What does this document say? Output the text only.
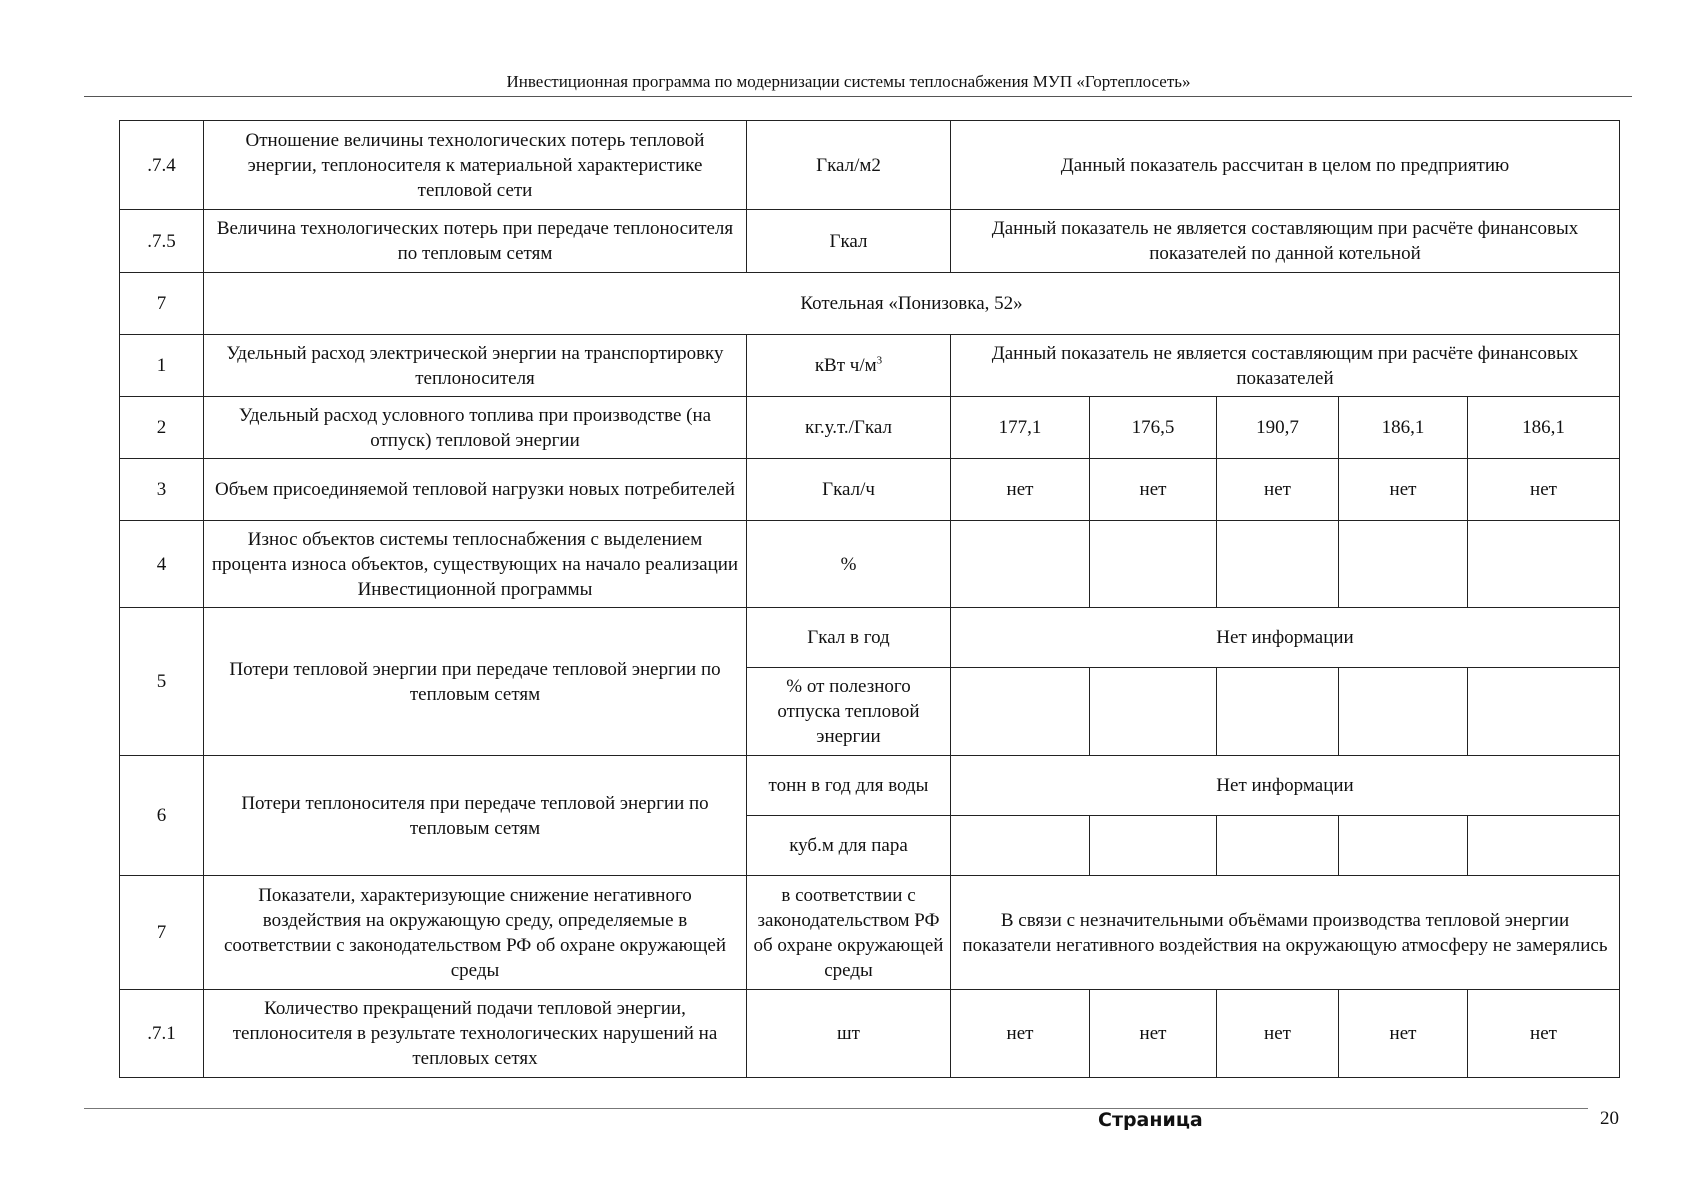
Инвестиционная программа по модернизации системы теплоснабжения МУП «Гортеплосеть»
.7.4	Отношение величины технологических потерь тепловой энергии, теплоносителя к материальной характеристике тепловой сети	Гкал/м2	Данный показатель рассчитан в целом по предприятию				
.7.5	Величина технологических потерь при передаче теплоносителя по тепловым сетям	Гкал	Данный показатель не является составляющим при расчёте финансовых показателей по данной котельной				
7	Котельная «Понизовка, 52»						
1	Удельный расход электрической энергии на транспортировку теплоносителя	кВт $ч/м^3$	Данный показатель не является составляющим при расчёте финансовых показателей				
2	Удельный расход условного топлива при производстве (на отпуск) тепловой энергии	кг.у.т./Гкал	177,1	176,5	190,7	186,1	186,1
3	Объем присоединяемой тепловой нагрузки новых потребителей	Гкал/ч	нет	нет	нет	нет	нет
4	Износ объектов системы теплоснабжения с выделением процента износа объектов, существующих на начало реализации Инвестиционной программы	%					
5	Потери тепловой энергии при передаче тепловой энергии по тепловым сетям	Гкал в год	Нет информации				
		% от полезного отпуска тепловой энергии					
6	Потери теплоносителя при передаче тепловой энергии по тепловым сетям	тонн в год для воды	Нет информации				
		куб.м для пара					
7	Показатели, характеризующие снижение негативного воздействия на окружающую среду, определяемые в соответствии с законодательством РФ об охране окружающей среды	в соответствии с законодательством РФ об охране окружающей среды	В связи с незначительными объёмами производства тепловой энергии показатели негативного воздействия на окружающую атмосферу не замерялись				
.7.1	Количество прекращений подачи тепловой энергии, теплоносителя в результате технологических нарушений на тепловых сетях	шт	нет	нет	нет	нет	нет
Страница	20
